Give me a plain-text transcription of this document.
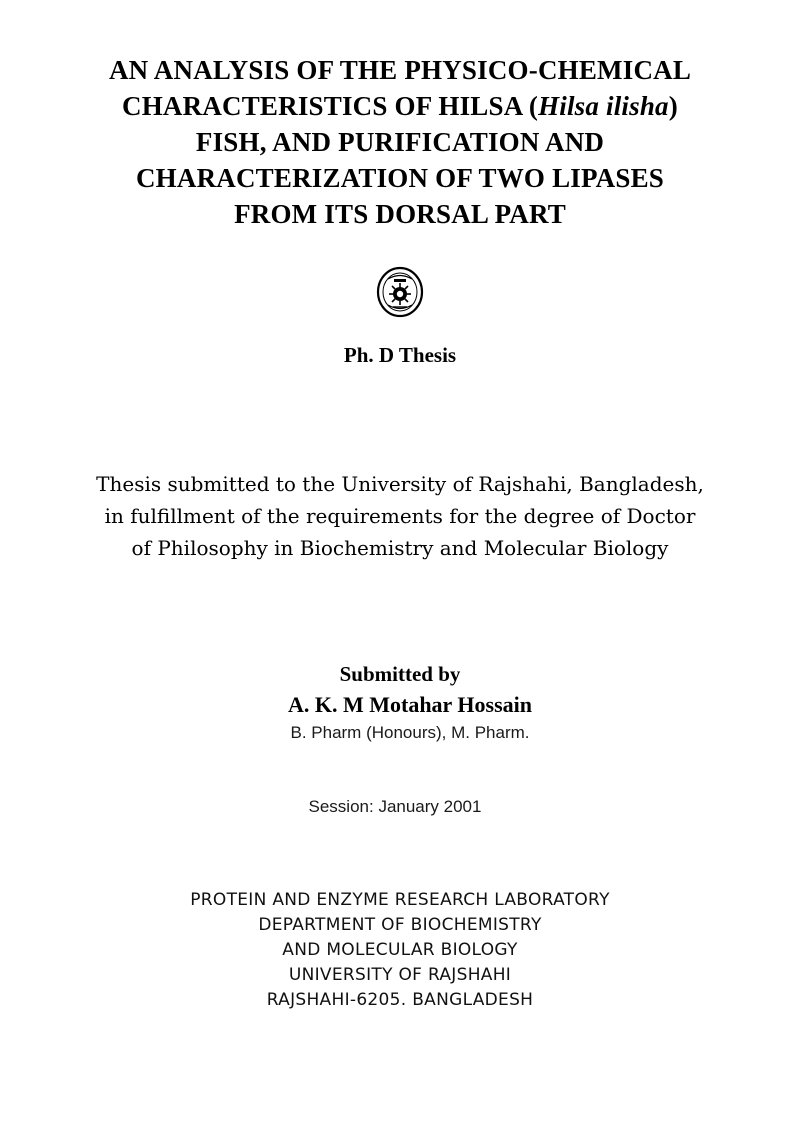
AN ANALYSIS OF THE PHYSICO-CHEMICAL
CHARACTERISTICS OF HILSA (Hilsa ilisha)
FISH, AND PURIFICATION AND
CHARACTERIZATION OF TWO LIPASES
FROM ITS DORSAL PART
Ph. D Thesis
Thesis submitted to the University of Rajshahi, Bangladesh,
in fulfillment of the requirements for the degree of Doctor
of Philosophy in Biochemistry and Molecular Biology
Submitted by
A. K. M Motahar Hossain
B. Pharm (Honours), M. Pharm.
Session: January 2001
PROTEIN AND ENZYME RESEARCH LABORATORY
DEPARTMENT OF BIOCHEMISTRY
AND MOLECULAR BIOLOGY
UNIVERSITY OF RAJSHAHI
RAJSHAHI-6205. BANGLADESH
